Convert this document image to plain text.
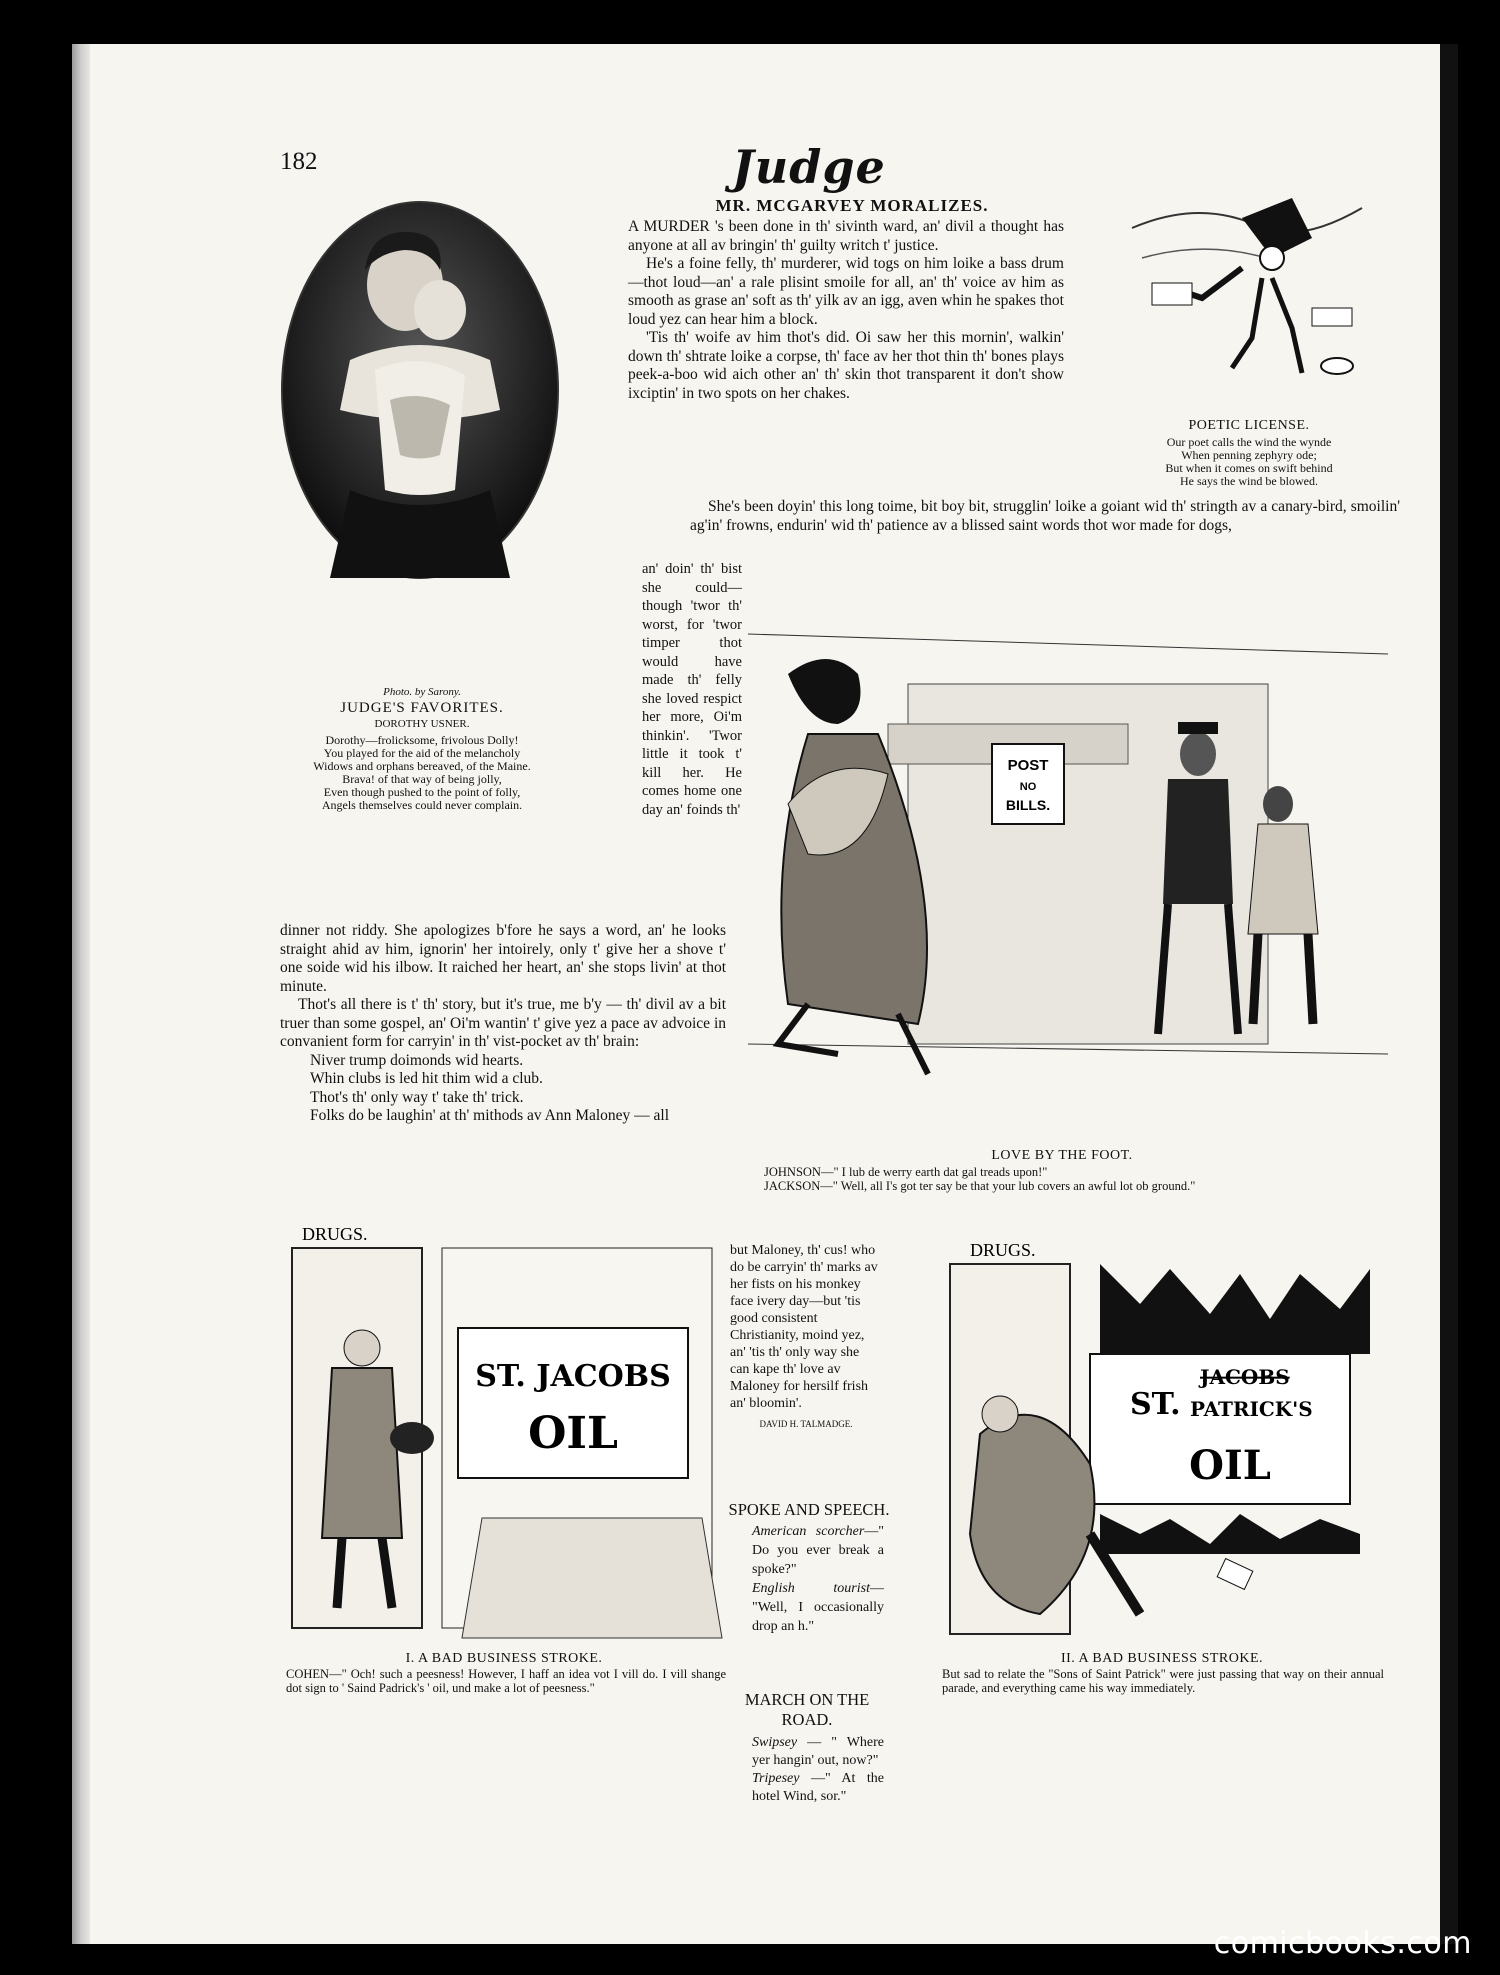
182	Judge
Photo. by Sarony.
JUDGE'S FAVORITES.
DOROTHY USNER.
Dorothy—frolicksome, frivolous Dolly!
You played for the aid of the melancholy
Widows and orphans bereaved, of the Maine.
Brava! of that way of being jolly,
Even though pushed to the point of folly,
Angels themselves could never complain.
MR. MCGARVEY MORALIZES.

A MURDER 's been done in th' sivinth ward, an' divil a thought has anyone at all av bringin' th' guilty writch t' justice.

He's a foine felly, th' murderer, wid togs on him loike a bass drum—thot loud—an' a rale plisint smoile for all, an' th' voice av him as smooth as grase an' soft as th' yilk av an igg, aven whin he spakes thot loud yez can hear him a block.

'Tis th' woife av him thot's did. Oi saw her this mornin', walkin' down th' shtrate loike a corpse, th' face av her thot thin th' bones plays peek-a-boo wid aich other an' th' skin thot transparent it don't show ixciptin' in two spots on her chakes.

She's been doyin' this long toime, bit boy bit, strugglin' loike a goiant wid th' stringth av a canary-bird, smoilin' ag'in' frowns, endurin' wid th' patience av a blissed saint words thot wor made for dogs,

an' doin' th' bist she could—though 'twor th' worst, for 'twor timper thot would have made th' felly she loved respict her more, Oi'm thinkin'. 'Twor little it took t' kill her. He comes home one day an' foinds th'

dinner not riddy. She apologizes b'fore he says a word, an' he looks straight ahid av him, ignorin' her intoirely, only t' give her a shove t' one soide wid his ilbow. It raiched her heart, an' she stops livin' at thot minute.

Thot's all there is t' th' story, but it's true, me b'y — th' divil av a bit truer than some gospel, an' Oi'm wantin' t' give yez a pace av advoice in convanient form for carryin' in th' vist-pocket av th' brain:

Niver trump doimonds wid hearts.
Whin clubs is led hit thim wid a club.
Thot's th' only way t' take th' trick.
Folks do be laughin' at th' mithods av Ann Maloney — all

but Maloney, th' cus! who do be carryin' th' marks av her fists on his monkey face ivery day—but 'tis good consistent Christianity, moind yez, an' 'tis th' only way she can kape th' love av Maloney for hersilf frish an' bloomin'.

DAVID H. TALMADGE.
POETIC LICENSE.
Our poet calls the wind the wynde
When penning zephyry ode;
But when it comes on swift behind
He says the wind be blowed.
POST
NO
BILLS.
LOVE BY THE FOOT.
JOHNSON—" I lub de werry earth dat gal treads upon!"
JACKSON—" Well, all I's got ter say be that your lub covers an awful lot ob ground."
DRUGS.
ST. JACOBS
OIL
I. A BAD BUSINESS STROKE.
COHEN—" Och! such a peesness! However, I haff an idea vot I vill do. I vill shange dot sign to ' Saind Padrick's ' oil, und make a lot of peesness."
SPOKE AND SPEECH.
American scorcher—" Do you ever break a spoke?"
English tourist— "Well, I occasionally drop an h."
MARCH ON THE
ROAD.
Swipsey — " Where yer hangin' out, now?"
Tripesey —" At the hotel Wind, sor."
DRUGS.
ST.
JACOBS
PATRICK'S
OIL
II. A BAD BUSINESS STROKE.
But sad to relate the "Sons of Saint Patrick" were just passing that way on their annual parade, and everything came his way immediately.
comicbooks.com
